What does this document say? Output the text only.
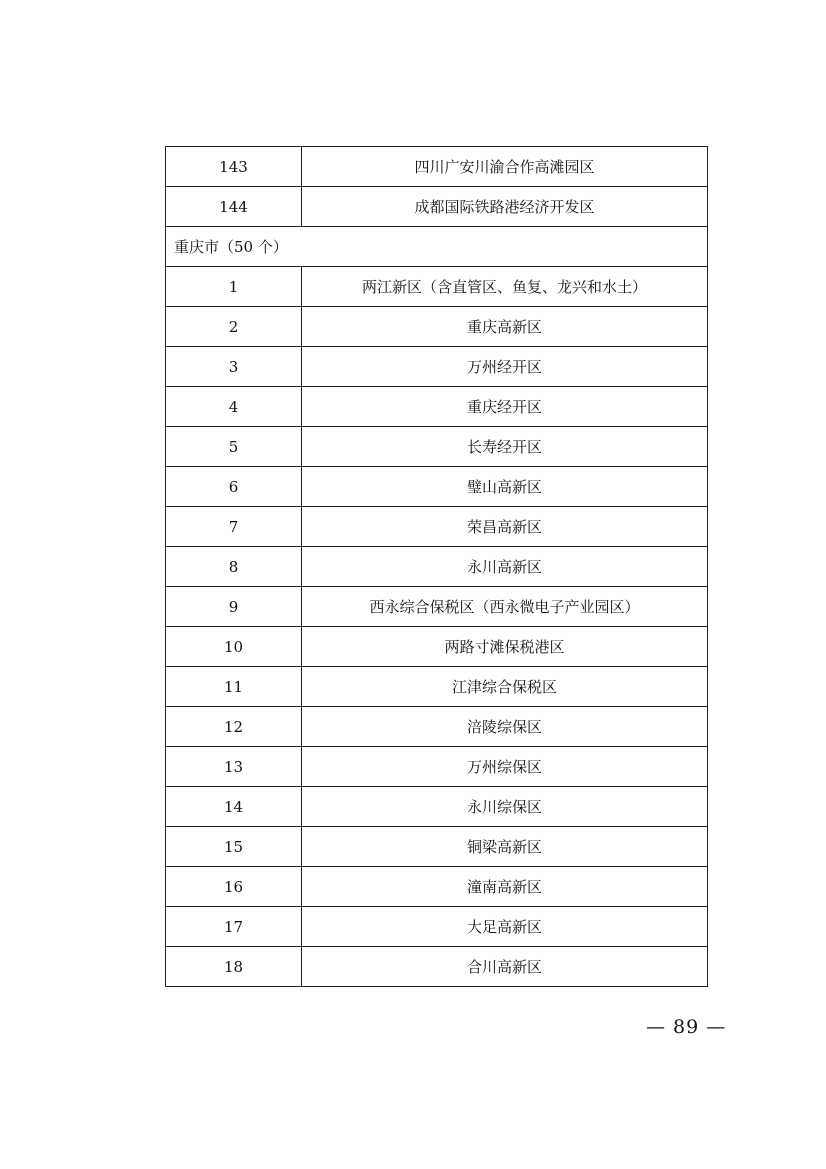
143	四川广安川渝合作高滩园区
144	成都国际铁路港经济开发区
重庆市（50 个）	
1	两江新区（含直管区、鱼复、龙兴和水土）
2	重庆高新区
3	万州经开区
4	重庆经开区
5	长寿经开区
6	璧山高新区
7	荣昌高新区
8	永川高新区
9	西永综合保税区（西永微电子产业园区）
10	两路寸滩保税港区
11	江津综合保税区
12	涪陵综保区
13	万州综保区
14	永川综保区
15	铜梁高新区
16	潼南高新区
17	大足高新区
18	合川高新区
— 89 —
